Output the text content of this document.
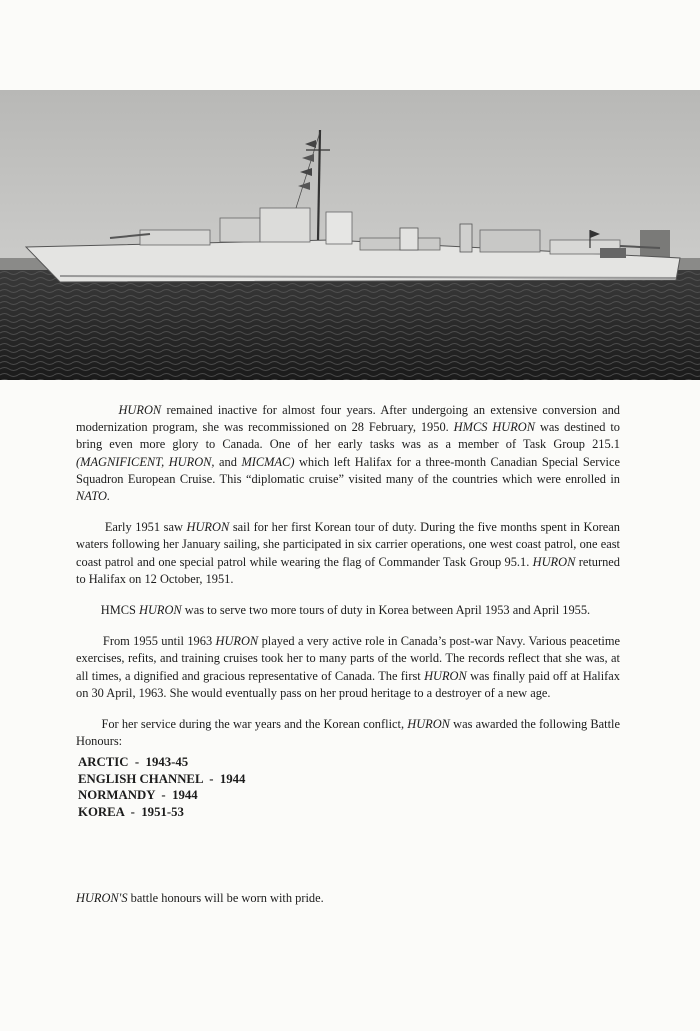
HURON remained inactive for almost four years. After undergoing an extensive conversion and modernization program, she was recommissioned on 28 February, 1950. HMCS HURON was destined to bring even more glory to Canada. One of her early tasks was as a member of Task Group 215.1 (MAGNIFICENT, HURON, and MICMAC) which left Halifax for a three-month Canadian Special Service Squadron European Cruise. This “diplomatic cruise” visited many of the countries which were enrolled in NATO.

Early 1951 saw HURON sail for her first Korean tour of duty. During the five months spent in Korean waters following her January sailing, she participated in six carrier operations, one west coast patrol, one east coast patrol and one special patrol while wearing the flag of Commander Task Group 95.1. HURON returned to Halifax on 12 October, 1951.

HMCS HURON was to serve two more tours of duty in Korea between April 1953 and April 1955.

From 1955 until 1963 HURON played a very active role in Canada’s post-war Navy. Various peacetime exercises, refits, and training cruises took her to many parts of the world. The records reflect that she was, at all times, a dignified and gracious representative of Canada. The first HURON was finally paid off at Halifax on 30 April, 1963. She would eventually pass on her proud heritage to a destroyer of a new age.

For her service during the war years and the Korean conflict, HURON was awarded the following Battle Honours:

ARCTIC  -  1943-45
ENGLISH CHANNEL  -  1944
NORMANDY  -  1944
KOREA  -  1951-53
HURON'S battle honours will be worn with pride.
